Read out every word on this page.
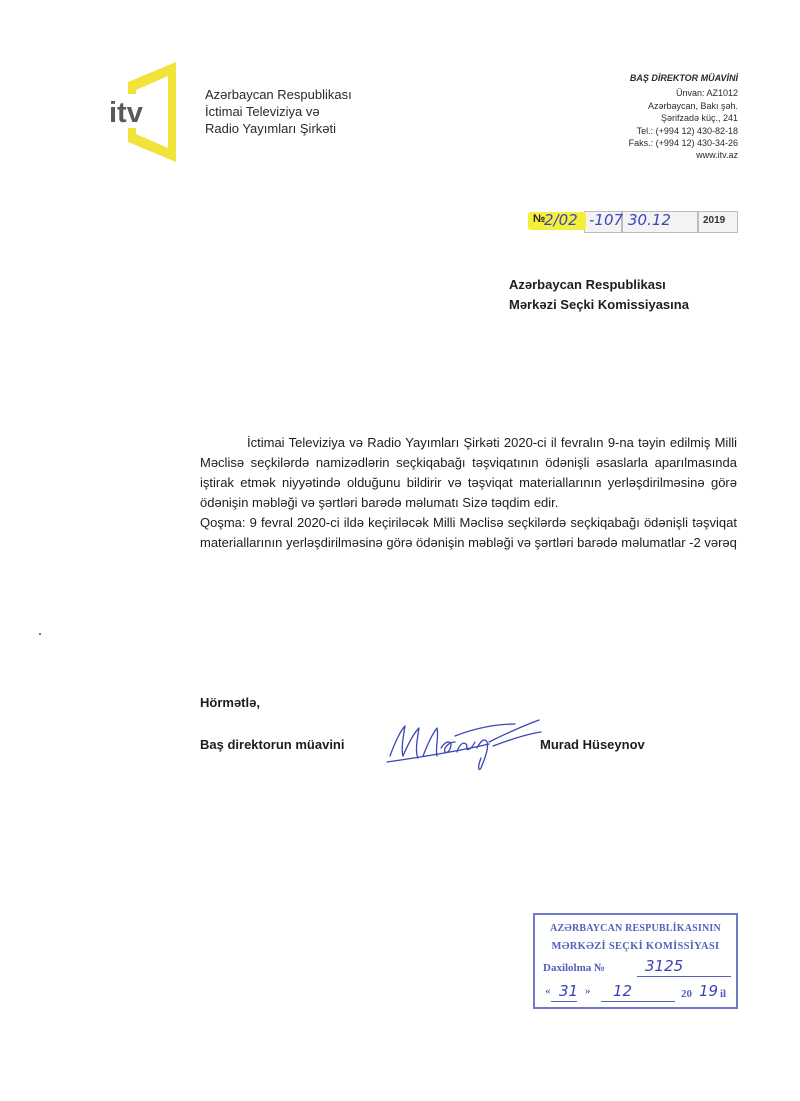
itv
Azərbaycan Respublikası
İctimai Televiziya və
Radio Yayımları Şirkəti
BAŞ DİREKTOR MÜAVİNİ
Ünvan: AZ1012
Azərbaycan, Bakı şəh.
Şərifzadə küç., 241
Tel.: (+994 12) 430-82-18
Faks.: (+994 12) 430-34-26
www.itv.az
№
2/02 -107 30.12	2019
Azərbaycan Respublikası
Mərkəzi Seçki Komissiyasına

İctimai Televiziya və Radio Yayımları Şirkəti 2020-ci il fevralın 9-na təyin edilmiş Milli Məclisə seçkilərdə namizədlərin seçkiqabağı təşviqatının ödənişli əsaslarla aparılmasında iştirak etmək niyyətində olduğunu bildirir və təşviqat materiallarının yerləşdirilməsinə görə ödənişin məbləği və şərtləri barədə məlumatı Sizə təqdim edir.

Qoşma: 9 fevral 2020-ci ildə keçiriləcək Milli Məclisə seçkilərdə seçkiqabağı ödənişli təşviqat materiallarının yerləşdirilməsinə görə ödənişin məbləği və şərtləri barədə məlumatlar -2 vərəq

Hörmətlə,
Baş direktorun müavini	Murad Hüseynov
AZƏRBAYCAN RESPUBLİKASININ
MƏRKƏZİ SEÇKİ KOMİSSİYASI
Daxilolma №	3125
« 31 » 12	20 19 il
